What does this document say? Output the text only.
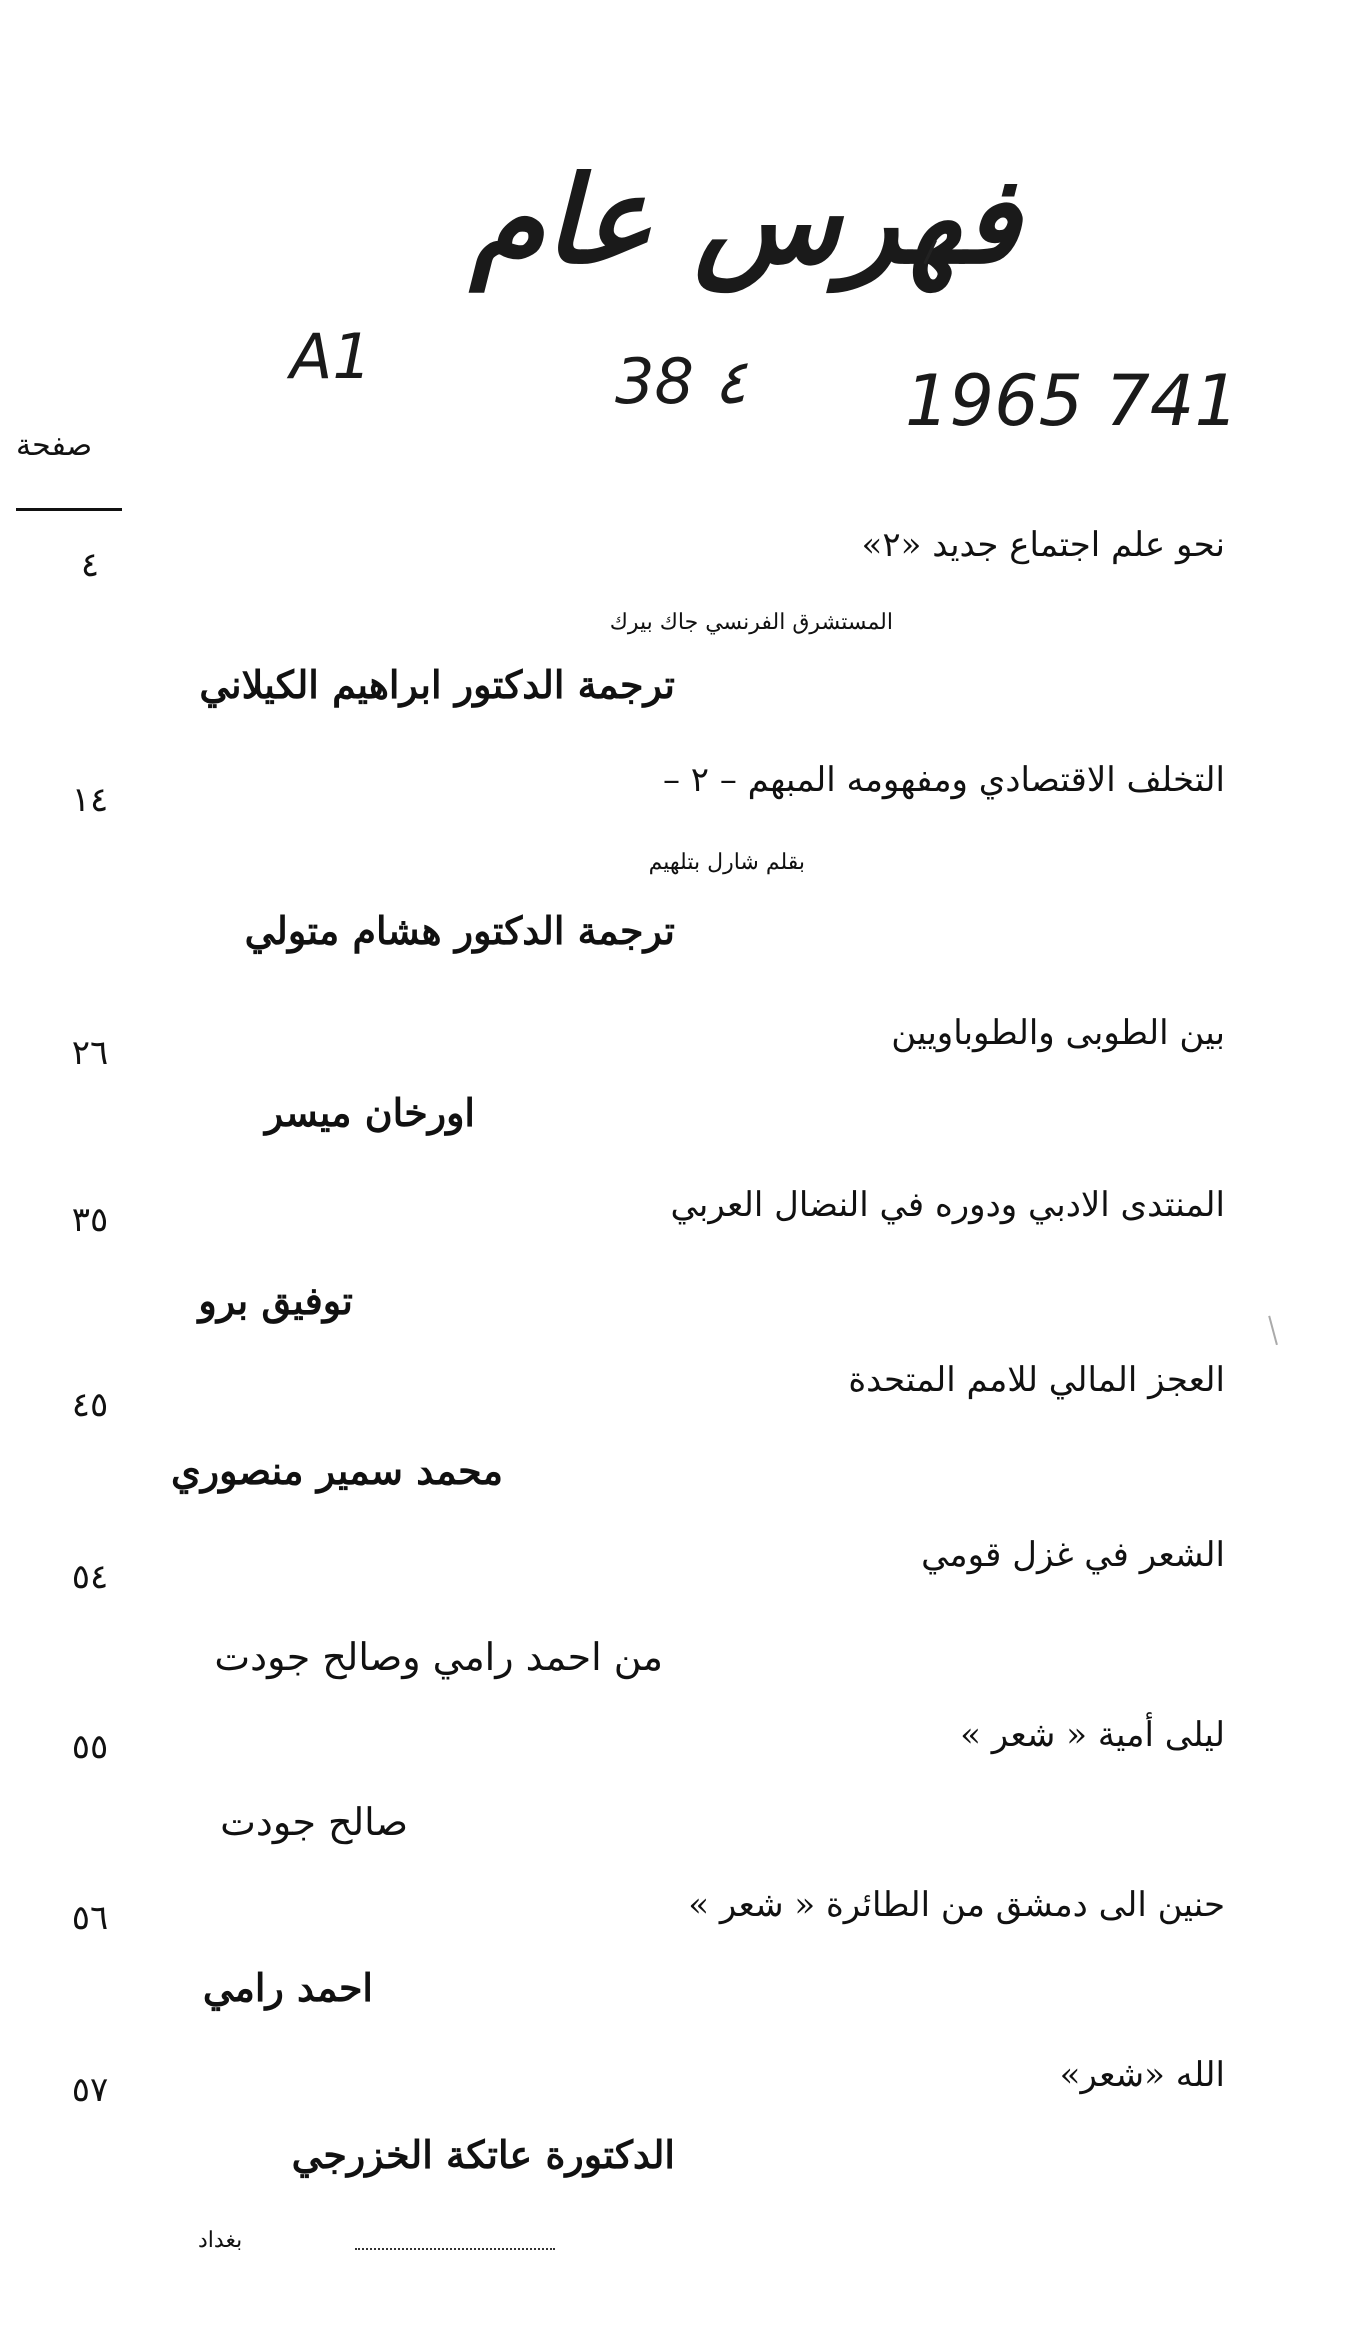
فهرس عام
A1	38 ٤ 1965 741
صفحة
نحو علم اجتماع جديد «٢»
٤
المستشرق الفرنسي جاك بيرك
ترجمة الدكتور ابراهيم الكيلاني
التخلف الاقتصادي ومفهومه المبهم – ٢ –
١٤
بقلم شارل بتلهيم
ترجمة الدكتور هشام متولي
بين الطوبى والطوباويين
٢٦
اورخان ميسر
المنتدى الادبي ودوره في النضال العربي
٣٥
توفيق برو
العجز المالي للامم المتحدة
٤٥
محمد سمير منصوري
الشعر في غزل قومي
٥٤
من احمد رامي وصالح جودت
ليلى أمية « شعر »
٥٥
صالح جودت
حنين الى دمشق من الطائرة « شعر »
٥٦
احمد رامي
الله «شعر»
٥٧
الدكتورة عاتكة الخزرجي
بغداد
